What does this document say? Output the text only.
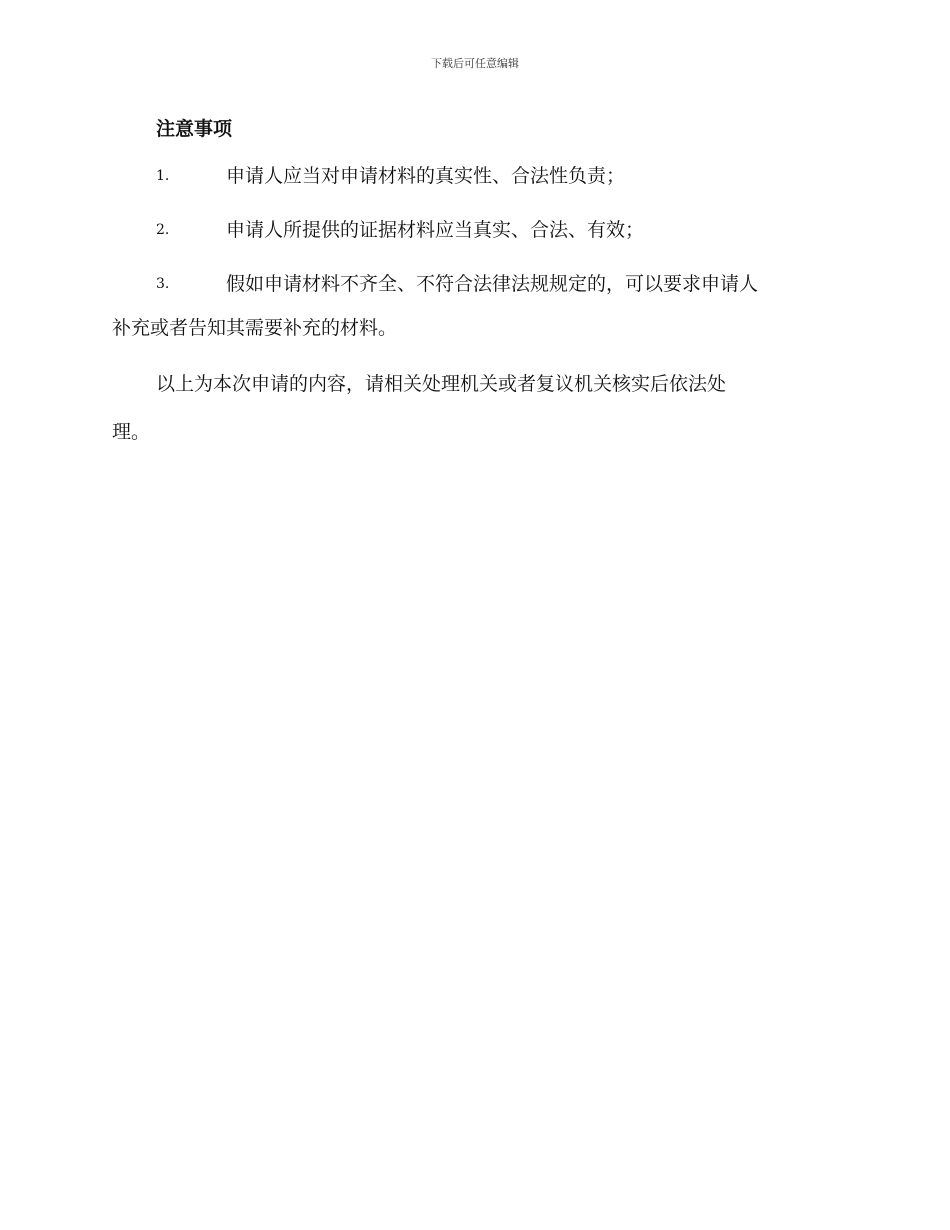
下载后可任意编辑
注意事项
1.	申请人应当对申请材料的真实性、合法性负责；
2.	申请人所提供的证据材料应当真实、合法、有效；
3.	假如申请材料不齐全、不符合法律法规规定的，可以要求申请人
补充或者告知其需要补充的材料。
以上为本次申请的内容，请相关处理机关或者复议机关核实后依法处
理。
